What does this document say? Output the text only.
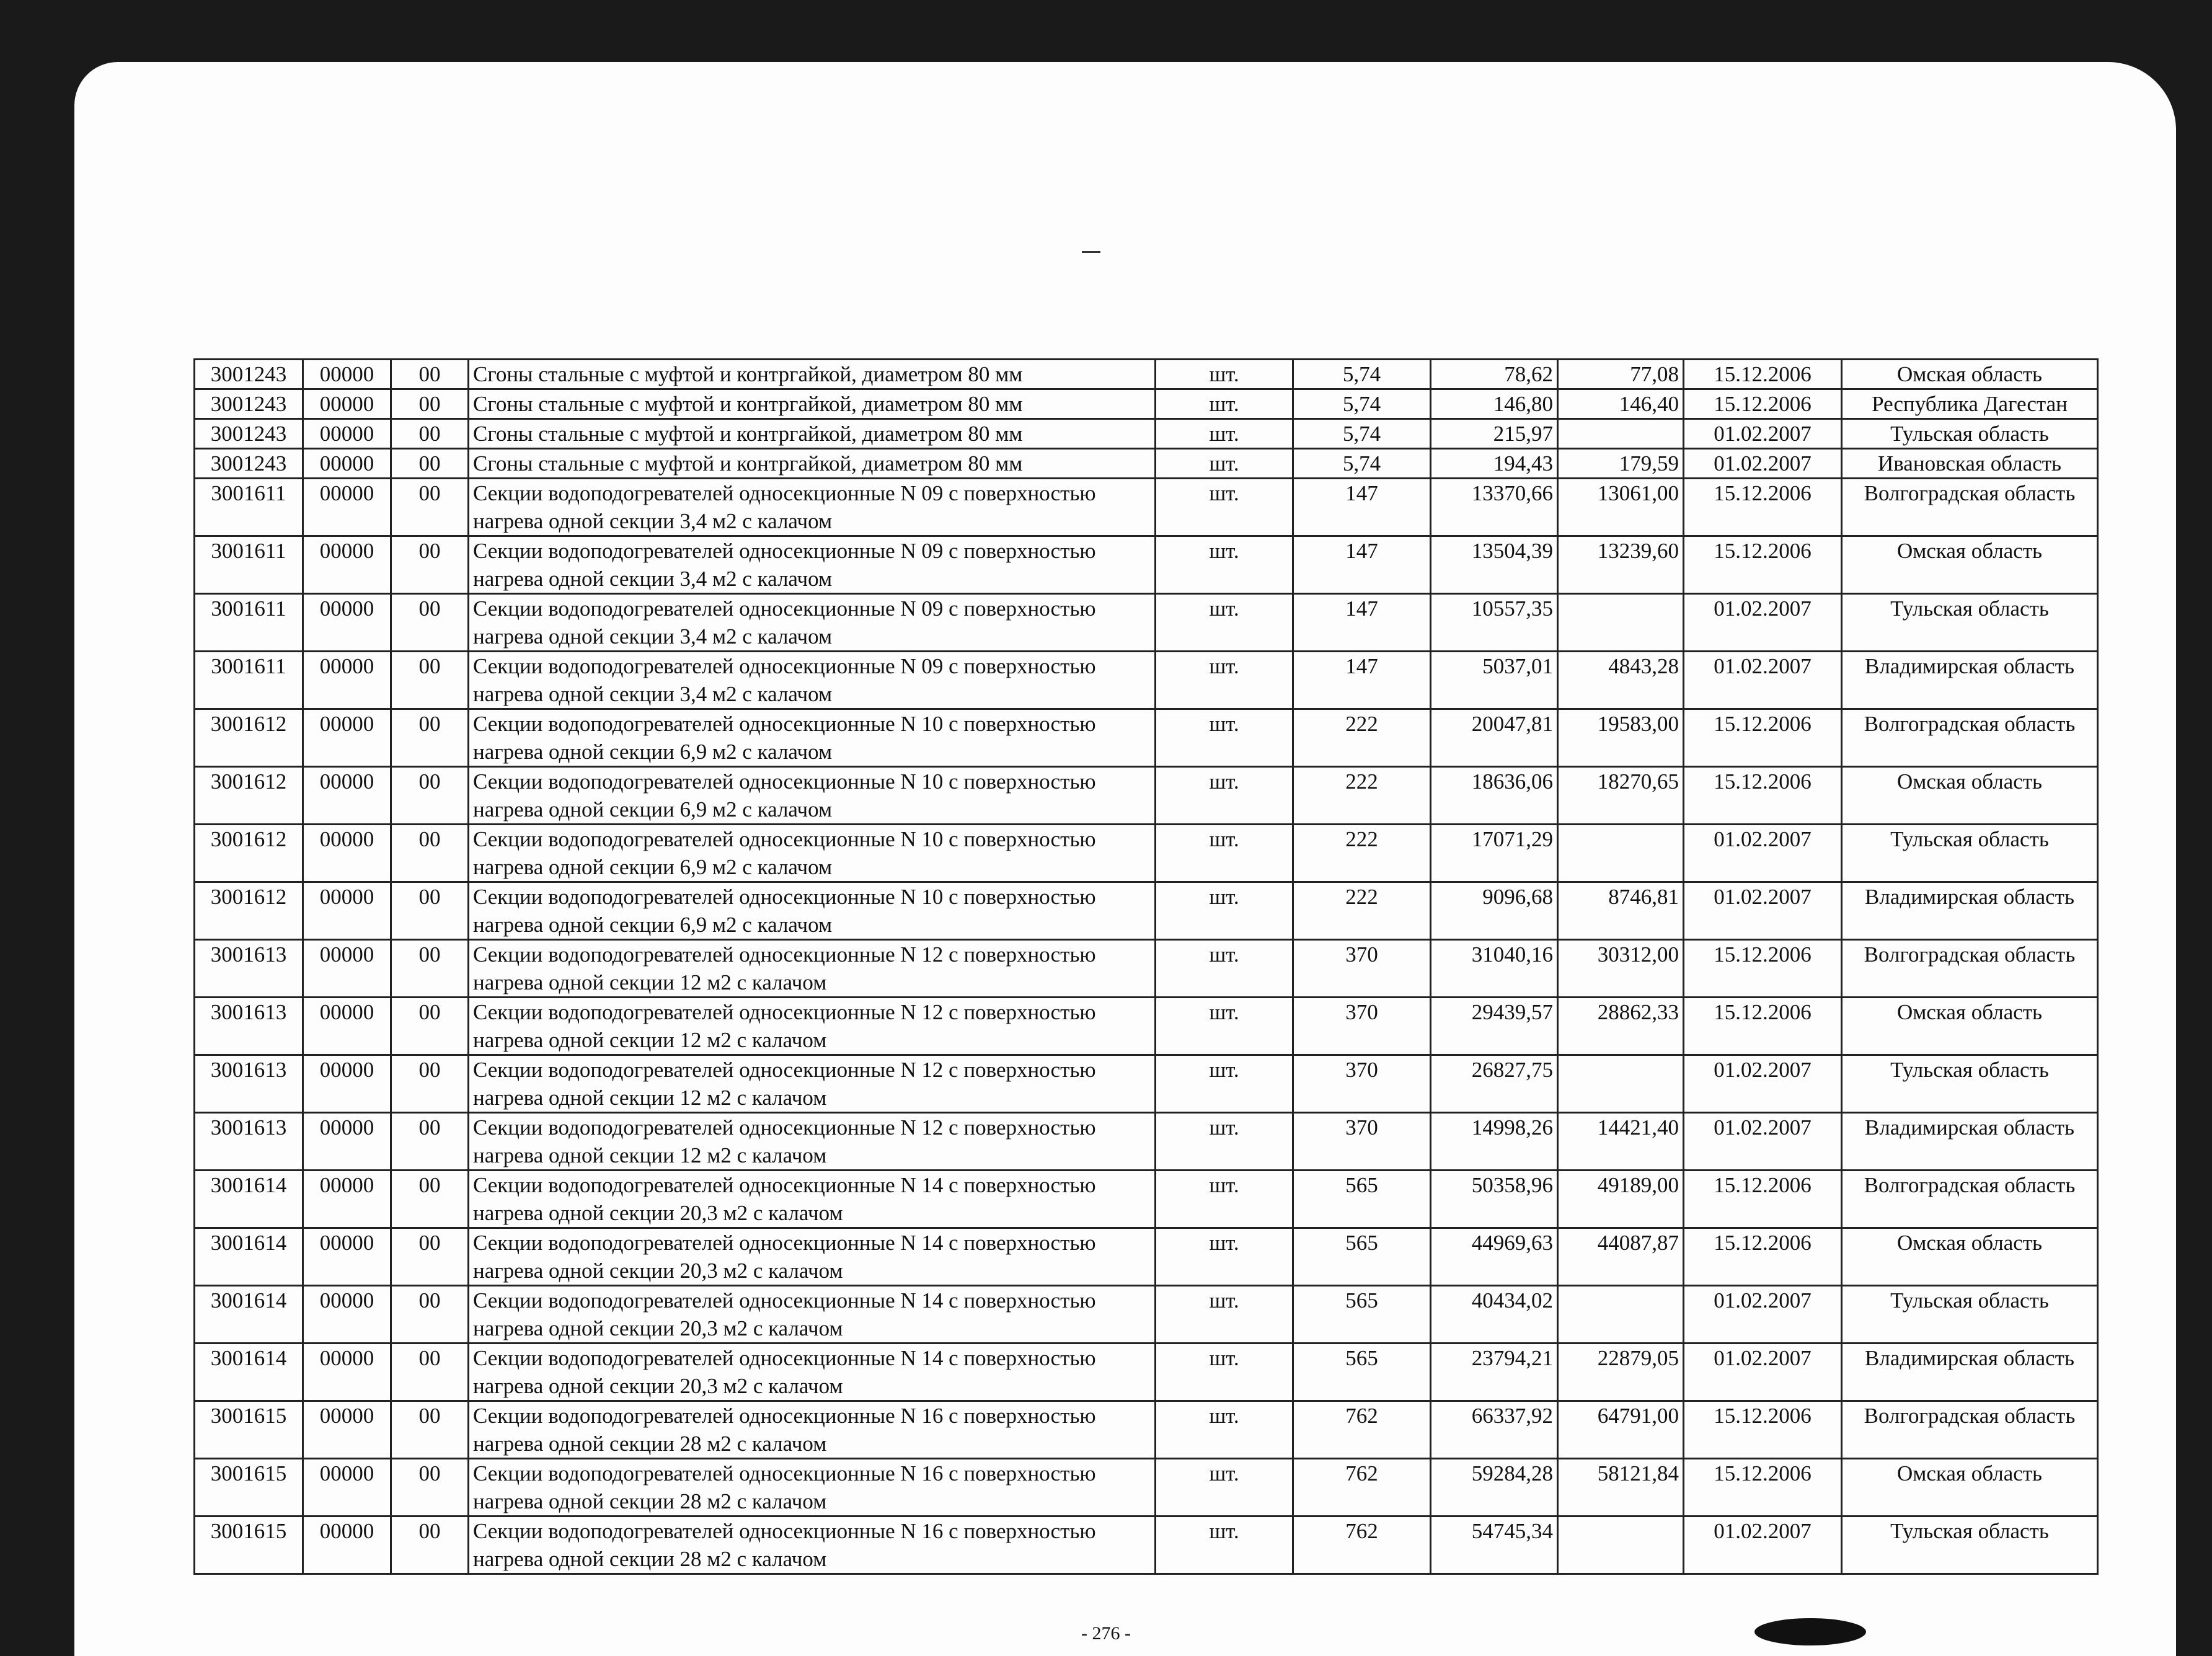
3001243	00000	00	Сгоны стальные с муфтой и контргайкой, диаметром 80 мм	шт.	5,74	78,62	77,08	15.12.2006	Омская область
3001243	00000	00	Сгоны стальные с муфтой и контргайкой, диаметром 80 мм	шт.	5,74	146,80	146,40	15.12.2006	Республика Дагестан
3001243	00000	00	Сгоны стальные с муфтой и контргайкой, диаметром 80 мм	шт.	5,74	215,97		01.02.2007	Тульская область
3001243	00000	00	Сгоны стальные с муфтой и контргайкой, диаметром 80 мм	шт.	5,74	194,43	179,59	01.02.2007	Ивановская область
3001611	00000	00	Секции водоподогревателей односекционные N 09 с поверхностью нагрева одной секции 3,4 м2 с калачом	шт.	147	13370,66	13061,00	15.12.2006	Волгоградская область
3001611	00000	00	Секции водоподогревателей односекционные N 09 с поверхностью нагрева одной секции 3,4 м2 с калачом	шт.	147	13504,39	13239,60	15.12.2006	Омская область
3001611	00000	00	Секции водоподогревателей односекционные N 09 с поверхностью нагрева одной секции 3,4 м2 с калачом	шт.	147	10557,35		01.02.2007	Тульская область
3001611	00000	00	Секции водоподогревателей односекционные N 09 с поверхностью нагрева одной секции 3,4 м2 с калачом	шт.	147	5037,01	4843,28	01.02.2007	Владимирская область
3001612	00000	00	Секции водоподогревателей односекционные N 10 с поверхностью нагрева одной секции 6,9 м2 с калачом	шт.	222	20047,81	19583,00	15.12.2006	Волгоградская область
3001612	00000	00	Секции водоподогревателей односекционные N 10 с поверхностью нагрева одной секции 6,9 м2 с калачом	шт.	222	18636,06	18270,65	15.12.2006	Омская область
3001612	00000	00	Секции водоподогревателей односекционные N 10 с поверхностью нагрева одной секции 6,9 м2 с калачом	шт.	222	17071,29		01.02.2007	Тульская область
3001612	00000	00	Секции водоподогревателей односекционные N 10 с поверхностью нагрева одной секции 6,9 м2 с калачом	шт.	222	9096,68	8746,81	01.02.2007	Владимирская область
3001613	00000	00	Секции водоподогревателей односекционные N 12 с поверхностью нагрева одной секции 12 м2 с калачом	шт.	370	31040,16	30312,00	15.12.2006	Волгоградская область
3001613	00000	00	Секции водоподогревателей односекционные N 12 с поверхностью нагрева одной секции 12 м2 с калачом	шт.	370	29439,57	28862,33	15.12.2006	Омская область
3001613	00000	00	Секции водоподогревателей односекционные N 12 с поверхностью нагрева одной секции 12 м2 с калачом	шт.	370	26827,75		01.02.2007	Тульская область
3001613	00000	00	Секции водоподогревателей односекционные N 12 с поверхностью нагрева одной секции 12 м2 с калачом	шт.	370	14998,26	14421,40	01.02.2007	Владимирская область
3001614	00000	00	Секции водоподогревателей односекционные N 14 с поверхностью нагрева одной секции 20,3 м2 с калачом	шт.	565	50358,96	49189,00	15.12.2006	Волгоградская область
3001614	00000	00	Секции водоподогревателей односекционные N 14 с поверхностью нагрева одной секции 20,3 м2 с калачом	шт.	565	44969,63	44087,87	15.12.2006	Омская область
3001614	00000	00	Секции водоподогревателей односекционные N 14 с поверхностью нагрева одной секции 20,3 м2 с калачом	шт.	565	40434,02		01.02.2007	Тульская область
3001614	00000	00	Секции водоподогревателей односекционные N 14 с поверхностью нагрева одной секции 20,3 м2 с калачом	шт.	565	23794,21	22879,05	01.02.2007	Владимирская область
3001615	00000	00	Секции водоподогревателей односекционные N 16 с поверхностью нагрева одной секции 28 м2 с калачом	шт.	762	66337,92	64791,00	15.12.2006	Волгоградская область
3001615	00000	00	Секции водоподогревателей односекционные N 16 с поверхностью нагрева одной секции 28 м2 с калачом	шт.	762	59284,28	58121,84	15.12.2006	Омская область
3001615	00000	00	Секции водоподогревателей односекционные N 16 с поверхностью нагрева одной секции 28 м2 с калачом	шт.	762	54745,34		01.02.2007	Тульская область
- 276 -
